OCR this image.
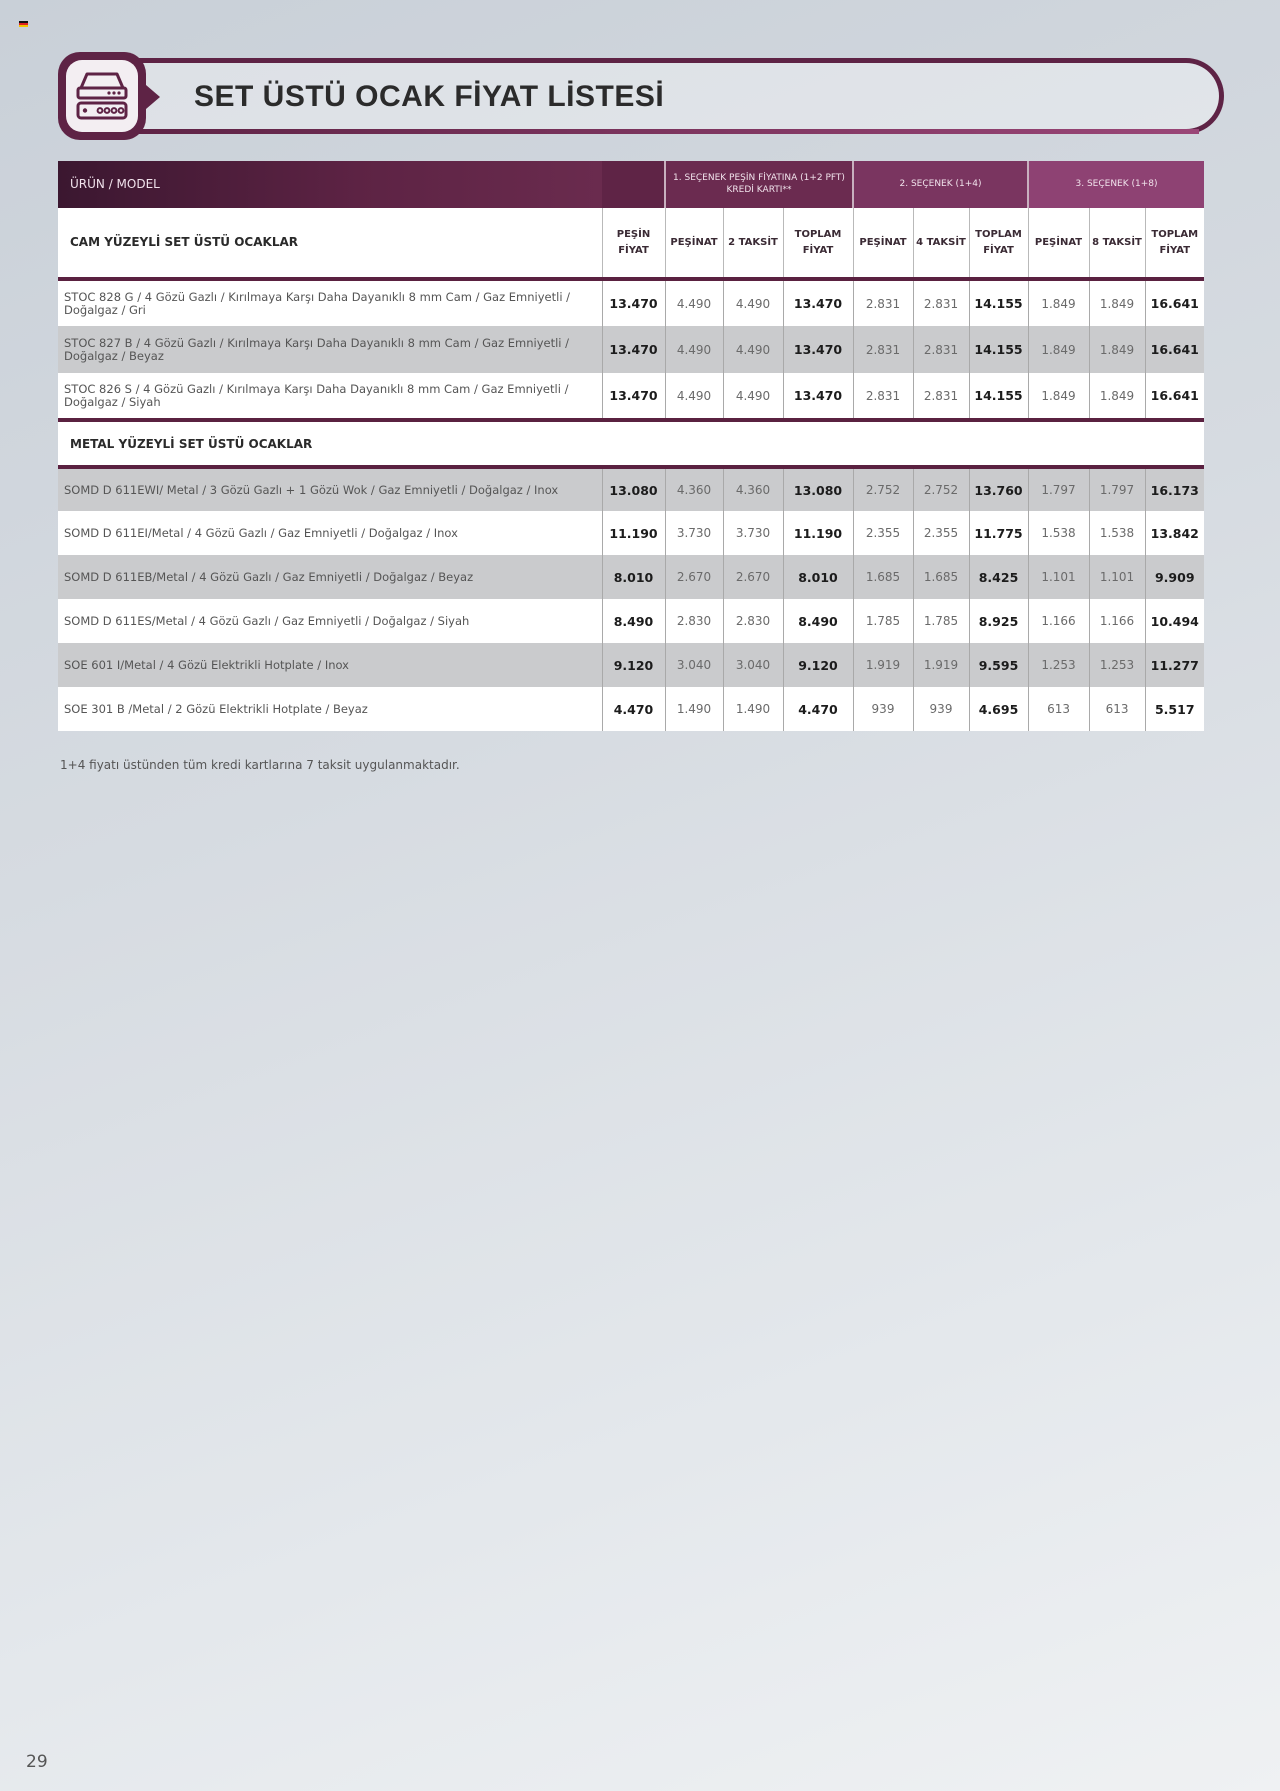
SET ÜSTÜ OCAK FİYAT LİSTESİ
ÜRÜN / MODEL		1. SEÇENEK PEŞİN FİYATINA (1+2 PFT) KREDİ KARTI**			2. SEÇENEK (1+4)			3. SEÇENEK (1+8)		
CAM YÜZEYLİ SET ÜSTÜ OCAKLAR	PEŞİN FİYAT	PEŞİNAT	2 TAKSİT	TOPLAM FİYAT	PEŞİNAT	4 TAKSİT	TOPLAM FİYAT	PEŞİNAT	8 TAKSİT	TOPLAM FİYAT
STOC 828 G / 4 Gözü Gazlı / Kırılmaya Karşı Daha Dayanıklı 8 mm Cam / Gaz Emniyetli / Doğalgaz / Gri	13.470	4.490	4.490	13.470	2.831	2.831	14.155	1.849	1.849	16.641
STOC 827 B / 4 Gözü Gazlı / Kırılmaya Karşı Daha Dayanıklı 8 mm Cam / Gaz Emniyetli / Doğalgaz / Beyaz	13.470	4.490	4.490	13.470	2.831	2.831	14.155	1.849	1.849	16.641
STOC 826 S / 4 Gözü Gazlı / Kırılmaya Karşı Daha Dayanıklı 8 mm Cam / Gaz Emniyetli / Doğalgaz / Siyah	13.470	4.490	4.490	13.470	2.831	2.831	14.155	1.849	1.849	16.641
METAL YÜZEYLİ SET ÜSTÜ OCAKLAR										
SOMD D 611EWI/ Metal / 3 Gözü Gazlı + 1 Gözü Wok / Gaz Emniyetli / Doğalgaz / Inox	13.080	4.360	4.360	13.080	2.752	2.752	13.760	1.797	1.797	16.173
SOMD D 611EI/Metal / 4 Gözü Gazlı / Gaz Emniyetli / Doğalgaz / Inox	11.190	3.730	3.730	11.190	2.355	2.355	11.775	1.538	1.538	13.842
SOMD D 611EB/Metal / 4 Gözü Gazlı / Gaz Emniyetli / Doğalgaz / Beyaz	8.010	2.670	2.670	8.010	1.685	1.685	8.425	1.101	1.101	9.909
SOMD D 611ES/Metal / 4 Gözü Gazlı / Gaz Emniyetli / Doğalgaz / Siyah	8.490	2.830	2.830	8.490	1.785	1.785	8.925	1.166	1.166	10.494
SOE 601 I/Metal / 4 Gözü Elektrikli Hotplate / Inox	9.120	3.040	3.040	9.120	1.919	1.919	9.595	1.253	1.253	11.277
SOE 301 B /Metal / 2 Gözü Elektrikli Hotplate / Beyaz	4.470	1.490	1.490	4.470	939	939	4.695	613	613	5.517
1+4 fiyatı üstünden tüm kredi kartlarına 7 taksit uygulanmaktadır.
29
